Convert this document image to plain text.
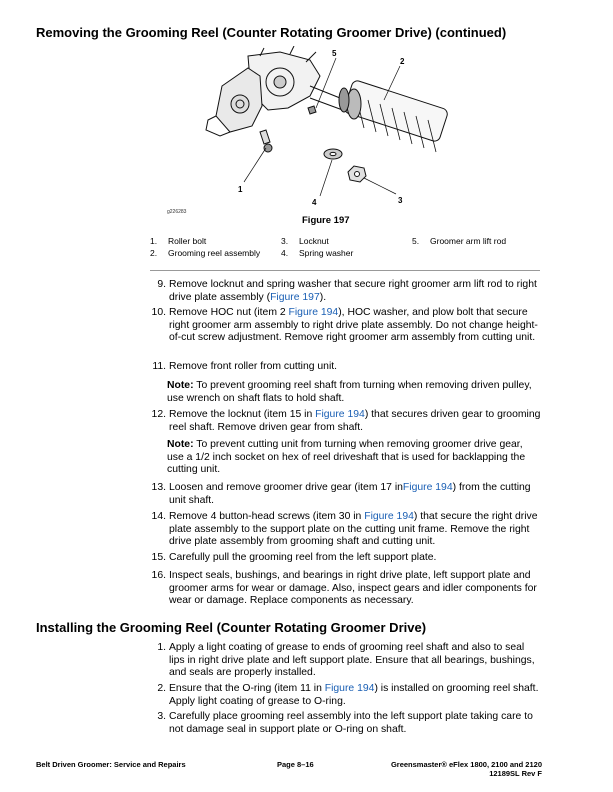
Removing the Grooming Reel (Counter Rotating Groomer Drive) (continued)
1
2
3
4
5
g226283
Figure 197
1. Roller bolt
2. Grooming reel assembly
3. Locknut
4. Spring washer
5. Groomer arm lift rod
9. Remove locknut and spring washer that secure right groomer arm lift rod to right drive plate assembly (Figure 197).
10. Remove HOC nut (item 2 Figure 194), HOC washer, and plow bolt that secure right groomer arm assembly to right drive plate assembly. Do not change height-of-cut screw adjustment. Remove right groomer arm assembly from cutting unit.
11. Remove front roller from cutting unit.
Note: To prevent grooming reel shaft from turning when removing driven pulley, use wrench on shaft flats to hold shaft.
12. Remove the locknut (item 15 in Figure 194) that secures driven gear to grooming reel shaft. Remove driven gear from shaft.
Note: To prevent cutting unit from turning when removing groomer drive gear, use a 1/2 inch socket on hex of reel driveshaft that is used for backlapping the cutting unit.
13. Loosen and remove groomer drive gear (item 17 inFigure 194) from the cutting unit shaft.
14. Remove 4 button-head screws (item 30 in Figure 194) that secure the right drive plate assembly to the support plate on the cutting unit frame. Remove the right drive plate assembly from grooming shaft and cutting unit.
15. Carefully pull the grooming reel from the left support plate.
16. Inspect seals, bushings, and bearings in right drive plate, left support plate and groomer arms for wear or damage. Also, inspect gears and idler components for wear or damage. Replace components as necessary.
Installing the Grooming Reel (Counter Rotating Groomer Drive)
1. Apply a light coating of grease to ends of grooming reel shaft and also to seal lips in right drive plate and left support plate. Ensure that all bearings, bushings, and seals are properly installed.
2. Ensure that the O-ring (item 11 in Figure 194) is installed on grooming reel shaft. Apply light coating of grease to O-ring.
3. Carefully place grooming reel assembly into the left support plate taking care to not damage seal in support plate or O-ring on shaft.
Belt Driven Groomer: Service and Repairs	Page 8–16	Greensmaster® eFlex 1800, 2100 and 2120
12189SL Rev F
